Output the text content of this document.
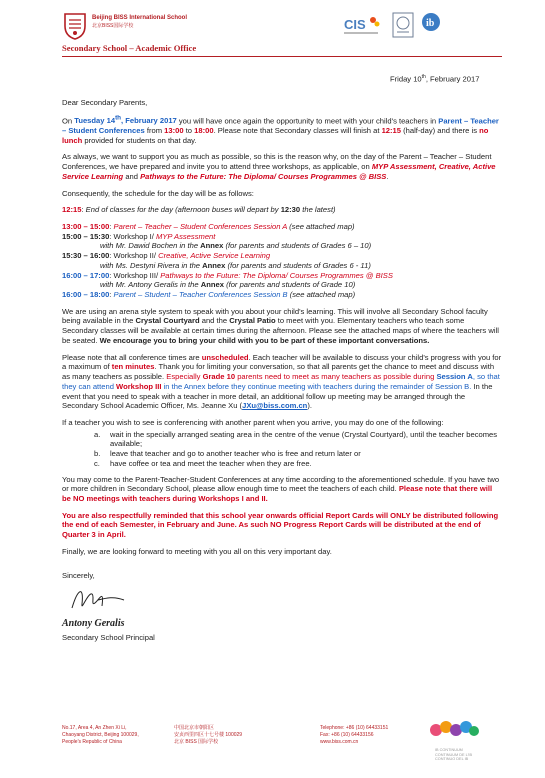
Beijing BISS International School
北京BISS国际学校	CIS	ib
Secondary School – Academic Office
Friday 10th, February 2017

Dear Secondary Parents,

On Tuesday 14th, February 2017 you will have once again the opportunity to meet with your child's teachers in Parent – Teacher – Student Conferences from 13:00 to 18:00. Please note that Secondary classes will finish at 12:15 (half-day) and there is no lunch provided for students on that day.

As always, we want to support you as much as possible, so this is the reason why, on the day of the Parent – Teacher – Student Conferences, we have prepared and invite you to attend three workshops, as applicable, on MYP Assessment, Creative, Active Service Learning and Pathways to the Future: The Diploma/ Courses Programmes @ BISS.

Consequently, the schedule for the day will be as follows:

12:15: End of classes for the day (afternoon buses will depart by 12:30 the latest)

13:00 – 15:00 : Parent – Teacher – Student Conferences Session A (see attached map)
15:00 – 15:30 : Workshop I/ MYP Assessment
with Mr. Dawid Bochen in the Annex (for parents and students of Grades 6 – 10)
15:30 – 16:00 : Workshop II/ Creative, Active Service Learning
with Ms. Destyni Rivera in the Annex (for parents and students of Grades 6 - 11)
16:00 – 17:00 : Workshop III/ Pathways to the Future: The Diploma/ Courses Programmes @ BISS
with Mr. Antony Geralis in the Annex (for parents and students of Grade 10)
16:00 – 18:00 : Parent – Student – Teacher Conferences Session B (see attached map)

We are using an arena style system to speak with you about your child's learning. This will involve all Secondary School faculty being available in the Crystal Courtyard and the Crystal Patio to meet with you. Elementary teachers who teach some Secondary classes will be available at certain times during the afternoon. Please see the attached maps of where the teachers will be seated. We encourage you to bring your child with you to be part of these important conversations.

Please note that all conference times are unscheduled. Each teacher will be available to discuss your child's progress with you for a maximum of ten minutes. Thank you for limiting your conversation, so that all parents get the chance to meet and discuss with as many teachers as possible. Especially Grade 10 parents need to meet as many teachers as possible during Session A, so that they can attend Workshop III in the Annex before they continue meeting with teachers during the remainder of Session B. In the event that you need to speak with a teacher in more detail, an additional follow up meeting may be arranged through the Secondary School Academic Officer, Ms. Jeanne Xu (JXu@biss.com.cn).

If a teacher you wish to see is conferencing with another parent when you arrive, you may do one of the following:

a.	wait in the specially arranged seating area in the centre of the venue (Crystal Courtyard), until the teacher becomes available;
b.	leave that teacher and go to another teacher who is free and return later or
c.	have coffee or tea and meet the teacher when they are free.

You may come to the Parent-Teacher-Student Conferences at any time according to the aforementioned schedule. If you have two or more children in Secondary School, please allow enough time to meet the teachers of each child. Please note that there will be NO meetings with teachers during Workshops I and II.

You are also respectfully reminded that this school year onwards official Report Cards will ONLY be distributed following the end of each Semester, in February and June. As such NO Progress Report Cards will be distributed at the end of Quarter 3 in April.

Finally, we are looking forward to meeting with you all on this very important day.

Sincerely,

Antony Geralis

Secondary School Principal

No.17, Area 4, An Zhen Xi Li,
Chaoyang District, Beijing 100029,
People's Republic of China
中国北京市朝阳区
安贞西里四区十七号楼 100029
北京 BISS 国际学校
Telephone: +86 (10) 64433151
Fax: +86 (10) 64433156
www.biss.com.cn
IB CONTINUUM
CONTINUUM DE L'IB
CONTINUO DEL IB
